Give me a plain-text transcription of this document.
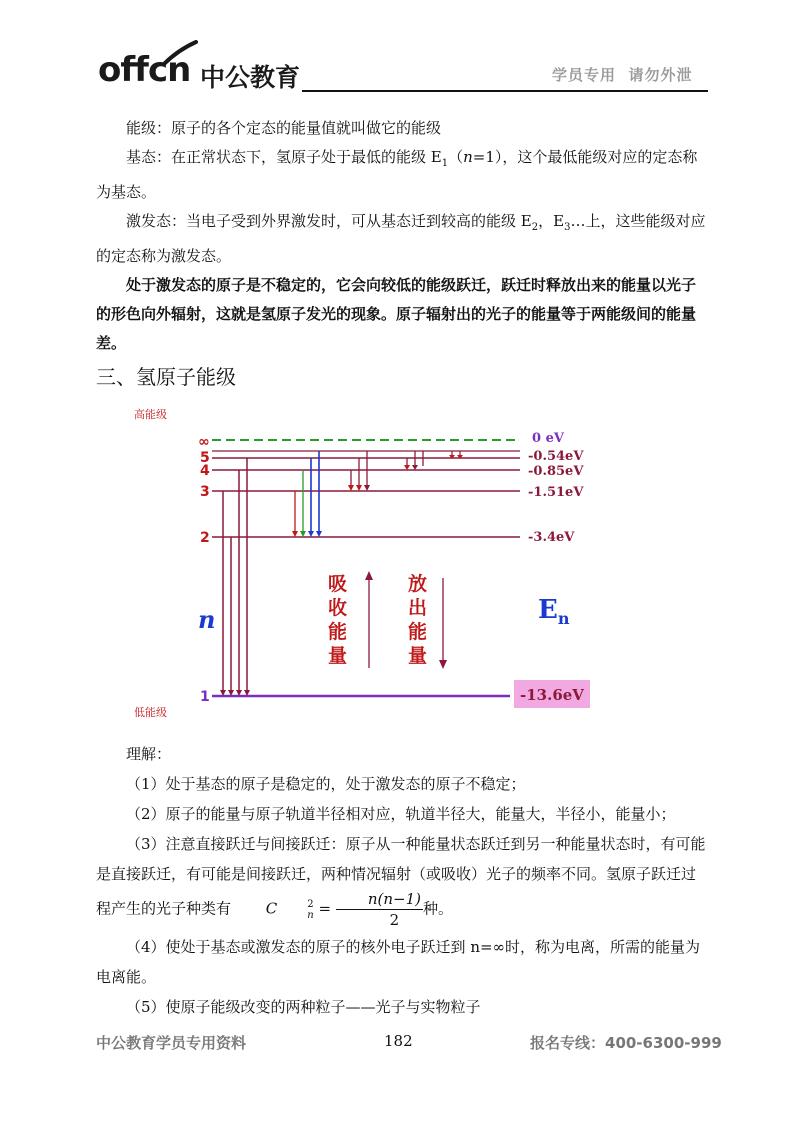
offcn 中公教育	学员专用  请勿外泄

能级：原子的各个定态的能量值就叫做它的能级

基态：在正常状态下，氢原子处于最低的能级 $E_1(n=1)$，这个最低能级对应的定态称为基态。

激发态：当电子受到外界激发时，可从基态迁到较高的能级 $E_2$，$E_3\dots$上，这些能级对应的定态称为激发态。

处于激发态的原子是不稳定的，它会向较低的能级跃迁，跃迁时释放出来的能量以光子的形色向外辐射，这就是氢原子发光的现象。原子辐射出的光子的能量等于两能级间的能量差。

三、氢原子能级
高能级
低能级
∞
5
4
3
2
1
0 eV
-0.54eV
-0.85eV
-1.51eV
-3.4eV
-13.6eV
n	$E_n$
吸
收
能
量
放
出
能
量

理解：

（1）处于基态的原子是稳定的，处于激发态的原子不稳定；

（2）原子的能量与原子轨道半径相对应，轨道半径大，能量大，半径小，能量小；

（3）注意直接跃迁与间接跃迁：原子从一种能量状态跃迁到另一种能量状态时，有可能是直接跃迁，有可能是间接跃迁，两种情况辐射（或吸收）光子的频率不同。氢原子跃迁过程产生的光子种类有 C	2
$n = \frac{n(n-1)}{2}$ 种。

（4）使处于基态或激发态的原子的核外电子跃迁到 n=∞时，称为电离，所需的能量为电离能。

（5）使原子能级改变的两种粒子——光子与实物粒子

中公教育学员专用资料	182	报名专线：400-6300-999
